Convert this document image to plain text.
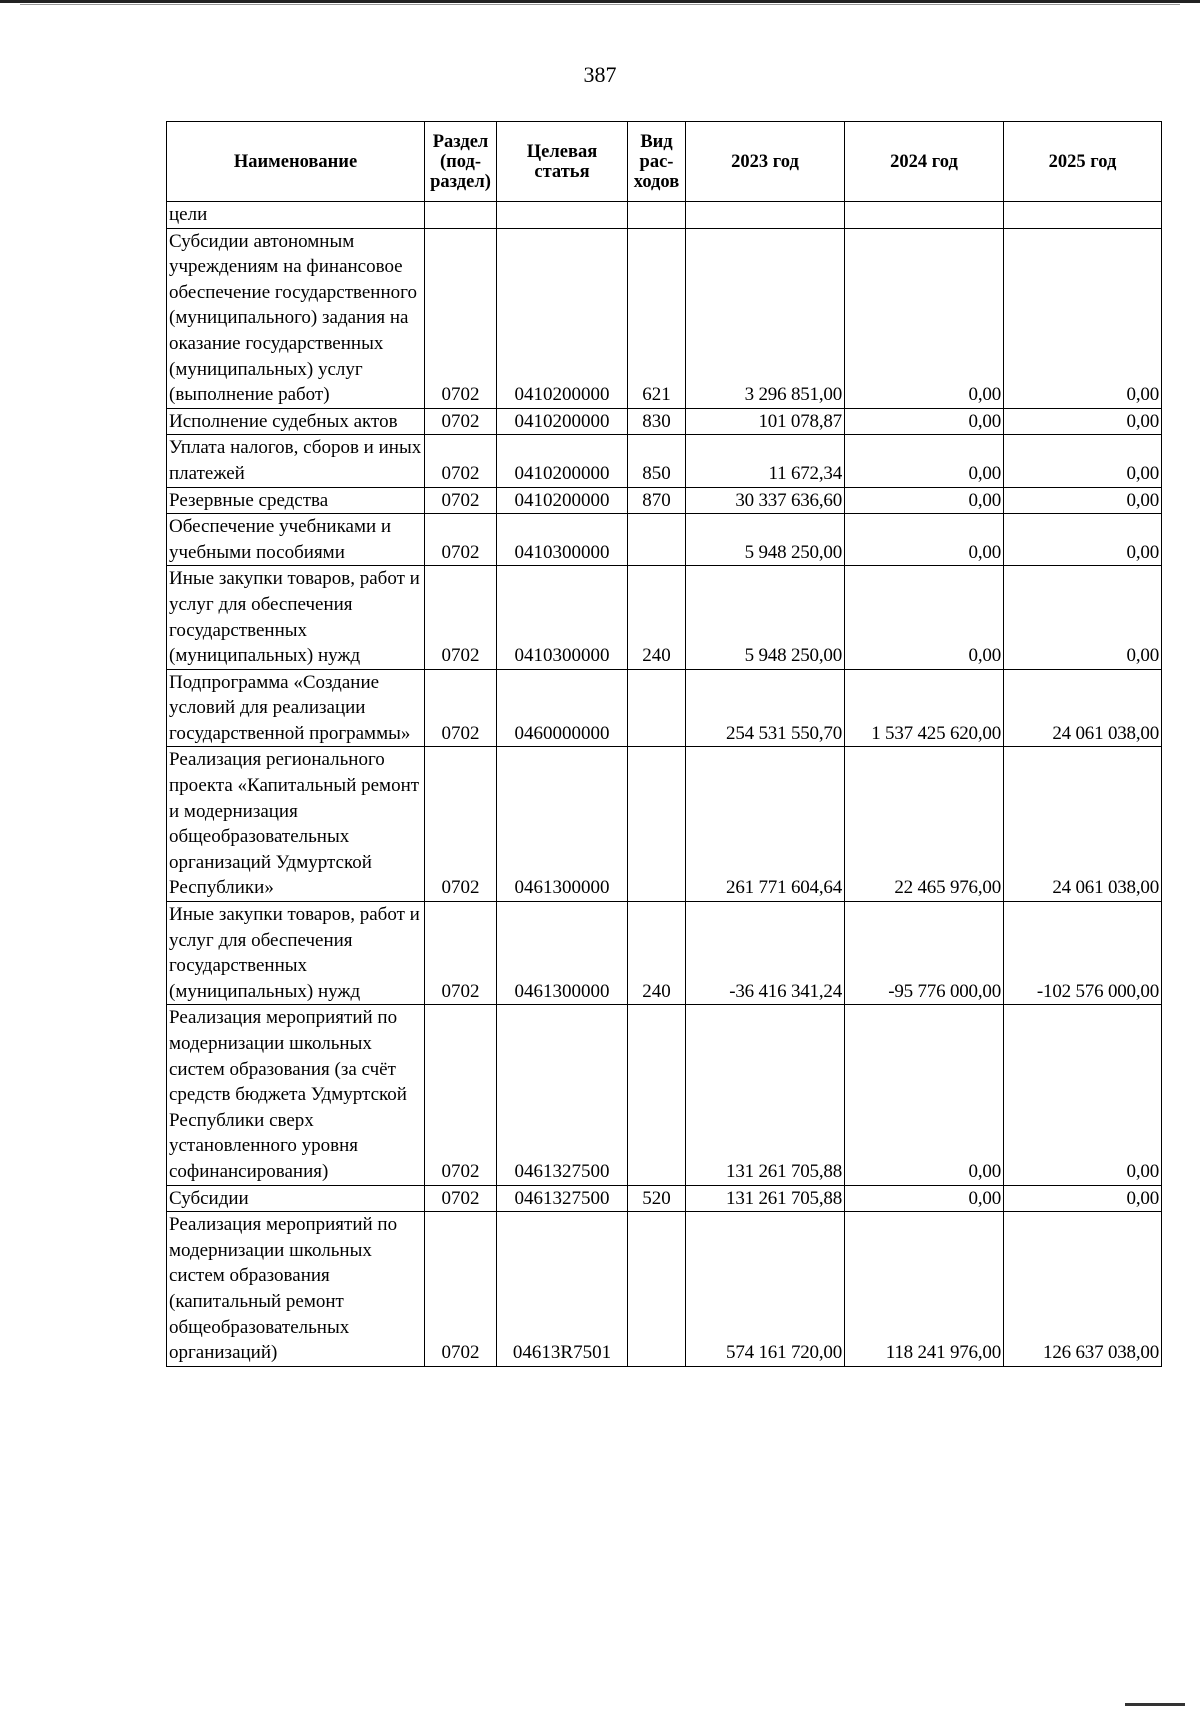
387
Наименование	Раздел (под-раздел)	Целевая статья	Вид рас-ходов	2023 год	2024 год	2025 год
цели						
Субсидии автономным учреждениям на финансовое обеспечение государственного (муниципального) задания на оказание государственных (муниципальных) услуг (выполнение работ)	0702	0410200000	621	3 296 851,00	0,00	0,00
Исполнение судебных актов	0702	0410200000	830	101 078,87	0,00	0,00
Уплата налогов, сборов и иных платежей	0702	0410200000	850	11 672,34	0,00	0,00
Резервные средства	0702	0410200000	870	30 337 636,60	0,00	0,00
Обеспечение учебниками и учебными пособиями	0702	0410300000		5 948 250,00	0,00	0,00
Иные закупки товаров, работ и услуг для обеспечения государственных (муниципальных) нужд	0702	0410300000	240	5 948 250,00	0,00	0,00
Подпрограмма «Создание условий для реализации государственной программы»	0702	0460000000		254 531 550,70	1 537 425 620,00	24 061 038,00
Реализация регионального проекта «Капитальный ремонт и модернизация общеобразовательных организаций Удмуртской Республики»	0702	0461300000		261 771 604,64	22 465 976,00	24 061 038,00
Иные закупки товаров, работ и услуг для обеспечения государственных (муниципальных) нужд	0702	0461300000	240	-36 416 341,24	-95 776 000,00	-102 576 000,00
Реализация мероприятий по модернизации школьных систем образования (за счёт средств бюджета Удмуртской Республики сверх установленного уровня софинансирования)	0702	0461327500		131 261 705,88	0,00	0,00
Субсидии	0702	0461327500	520	131 261 705,88	0,00	0,00
Реализация мероприятий по модернизации школьных систем образования (капитальный ремонт общеобразовательных организаций)	0702	04613R7501		574 161 720,00	118 241 976,00	126 637 038,00
